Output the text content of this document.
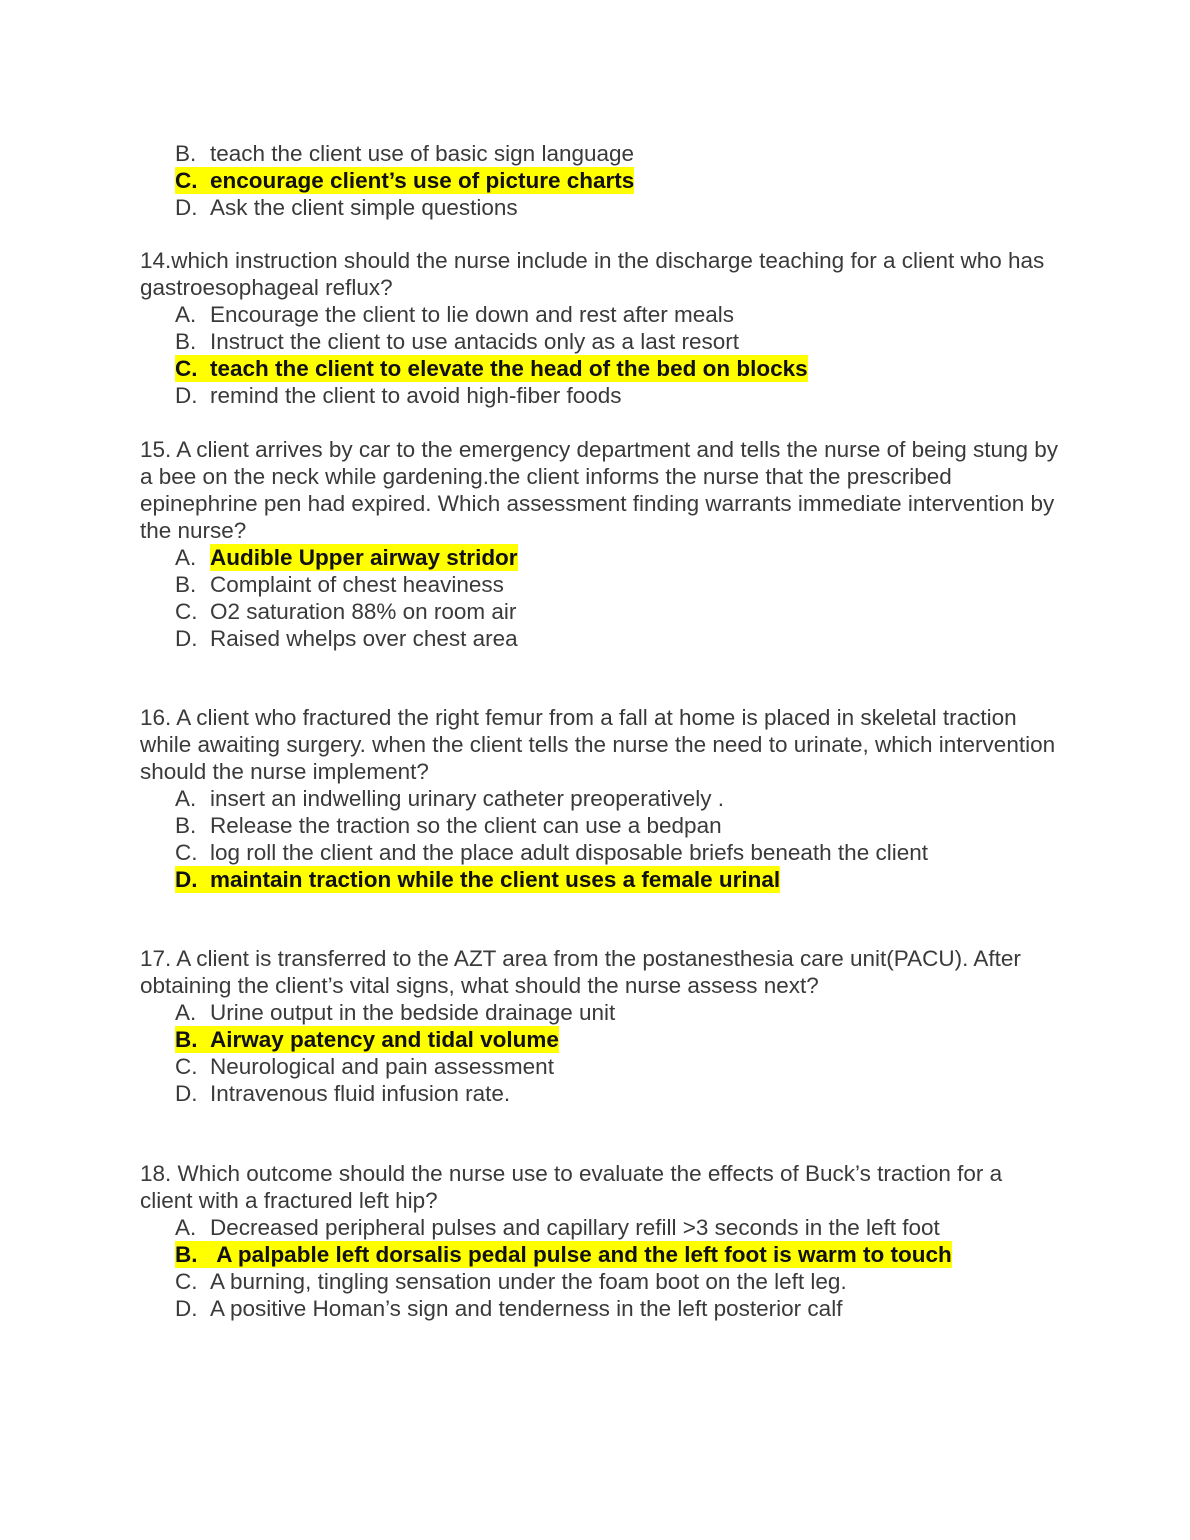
B. teach the client use of basic sign language
C. encourage client’s use of picture charts
D. Ask the client simple questions

14.which instruction should the nurse include in the discharge teaching for a client who has gastroesophageal reflux?

A. Encourage the client to lie down and rest after meals
B. Instruct the client to use antacids only as a last resort
C. teach the client to elevate the head of the bed on blocks
D. remind the client to avoid high-fiber foods

15. A client arrives by car to the emergency department and tells the nurse of being stung by a bee on the neck while gardening.the client informs the nurse that the prescribed epinephrine pen had expired. Which assessment finding warrants immediate intervention by the nurse?

A. Audible Upper airway stridor
B. Complaint of chest heaviness
C. O2 saturation 88% on room air
D. Raised whelps over chest area

16. A client who fractured the right femur from a fall at home is placed in skeletal traction while awaiting surgery. when the client tells the nurse the need to urinate, which intervention should the nurse implement?

A. insert an indwelling urinary catheter preoperatively .
B. Release the traction so the client can use a bedpan
C. log roll the client and the place adult disposable briefs beneath the client
D. maintain traction while the client uses a female urinal

17. A client is transferred to the AZT area from the postanesthesia care unit(PACU). After obtaining the client’s vital signs, what should the nurse assess next?

A. Urine output in the bedside drainage unit
B. Airway patency and tidal volume
C. Neurological and pain assessment
D. Intravenous fluid infusion rate.

18. Which outcome should the nurse use to evaluate the effects of Buck’s traction for a client with a fractured left hip?

A. Decreased peripheral pulses and capillary refill >3 seconds in the left foot
B. A palpable left dorsalis pedal pulse and the left foot is warm to touch
C. A burning, tingling sensation under the foam boot on the left leg.
D. A positive Homan’s sign and tenderness in the left posterior calf
